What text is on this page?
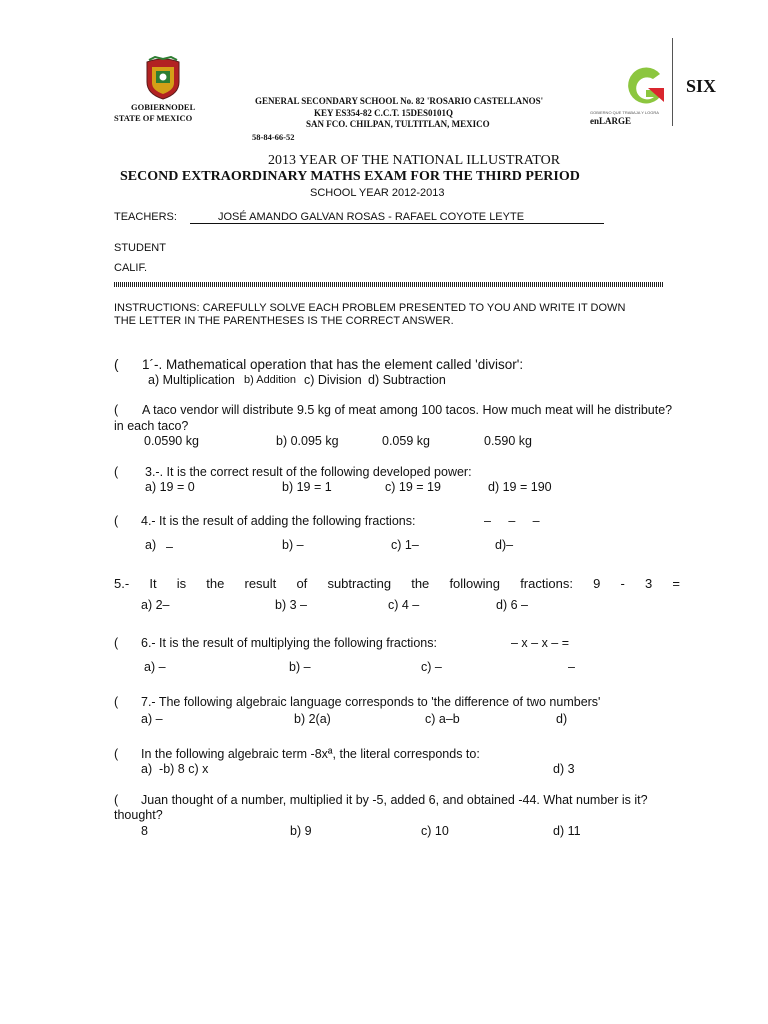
GOBIERNODEL
STATE OF MEXICO
GENERAL SECONDARY SCHOOL No. 82 'ROSARIO CASTELLANOS'
KEY ES354-82 C.C.T. 15DES0101Q
SAN FCO. CHILPAN, TULTITLAN, MEXICO
58-84-66-52
GOBIERNO QUE TRABAJA Y LOGRA
enLARGE
SIX
2013 YEAR OF THE NATIONAL ILLUSTRATOR
SECOND EXTRAORDINARY MATHS EXAM FOR THE THIRD PERIOD
SCHOOL YEAR 2012-2013
TEACHERS:	JOSÉ AMANDO GALVAN ROSAS - RAFAEL COYOTE LEYTE
STUDENT
CALIF.
INSTRUCTIONS: CAREFULLY SOLVE EACH PROBLEM PRESENTED TO YOU AND WRITE IT DOWN
THE LETTER IN THE PARENTHESES IS THE CORRECT ANSWER.
( 1´-. Mathematical operation that has the element called 'divisor':
a) Multiplication b) Addition c) Division d) Subtraction
( A taco vendor will distribute 9.5 kg of meat among 100 tacos. How much meat will he distribute?
in each taco?
0.0590 kg	b) 0.095 kg	0.059 kg	0.590 kg
( 3.-. It is the correct result of the following developed power:
a) 19 = 0	b) 19 = 1	c) 19 = 19	d) 19 = 190
( 4.- It is the result of adding the following fractions:	–     –     –
a) –	b) –	c) 1–	d)–
5.- It is the result of subtracting the following fractions: 9 - 3 =
a) 2–	b) 3 –	c) 4 –	d) 6 –
( 6.- It is the result of multiplying the following fractions:	– x – x – =
a) –	b) –	c) –	–
( 7.- The following algebraic language corresponds to 'the difference of two numbers'
a) –	b) 2(a)	c) a–b	d)
( In the following algebraic term -8xª, the literal corresponds to:
a)  -b) 8 c) x	d) 3
( Juan thought of a number, multiplied it by -5, added 6, and obtained -44. What number is it?
thought?
8	b) 9	c) 10	d) 11
